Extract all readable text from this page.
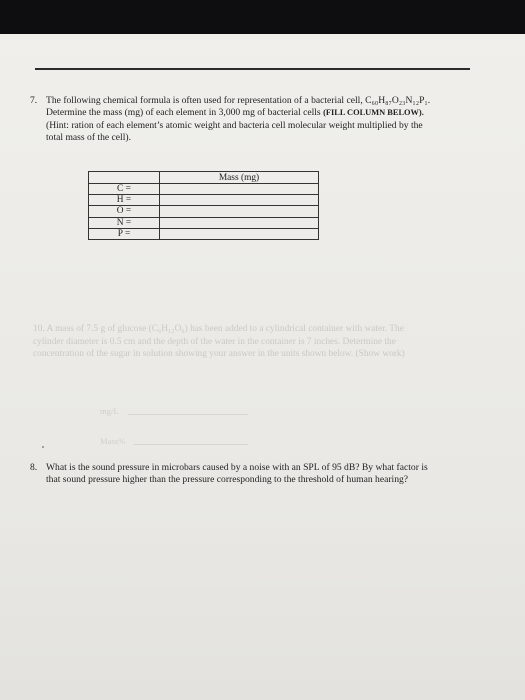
7. The following chemical formula is often used for representation of a bacterial cell, C₆₀H₈₇O₂₃N₁₂P₁.
Determine the mass (mg) of each element in 3,000 mg of bacterial cells (FILL COLUMN BELOW).
(Hint: ration of each element’s atomic weight and bacteria cell molecular weight multiplied by the
total mass of the cell).
	Mass (mg)
C =	
H =	
O =	
N =	
P =	
10. A mass of 7.5 g of glucose (C₆H₁₂O₆) has been added to a cylindrical container with water. The
cylinder diameter is 0.5 cm and the depth of the water in the container is 7 inches. Determine the
concentration of the sugar in solution showing your answer in the units shown below. (Show work)
mg/L
Mass%
8. What is the sound pressure in microbars caused by a noise with an SPL of 95 dB? By what factor is
that sound pressure higher than the pressure corresponding to the threshold of human hearing?
